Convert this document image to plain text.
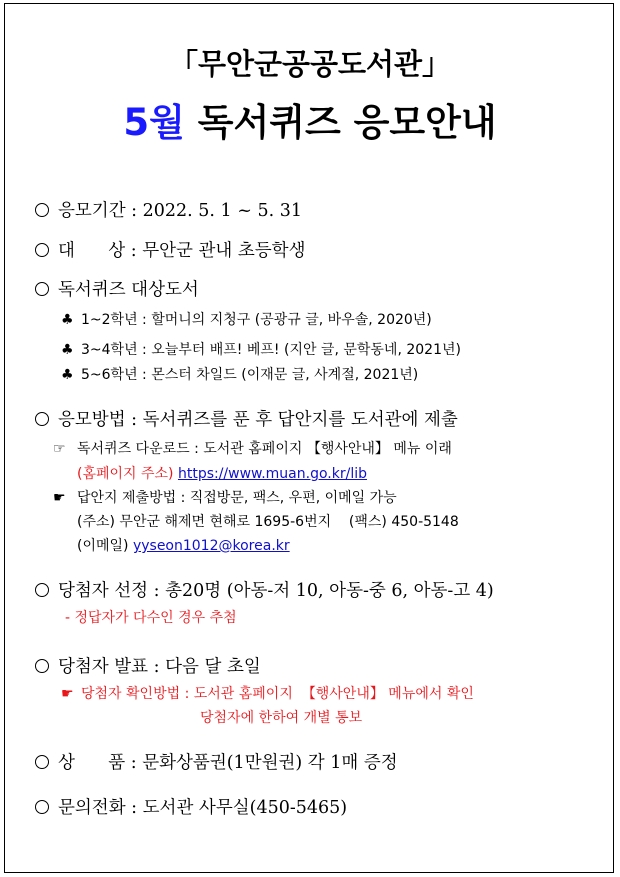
「무안군공공도서관」
5월 독서퀴즈 응모안내
응모기간 : 2022. 5. 1 ~ 5. 31
대      상 : 무안군 관내 초등학생
독서퀴즈 대상도서
♣ 1~2학년 : 할머니의 지청구 (공광규 글, 바우솔, 2020년)
♣ 3~4학년 : 오늘부터 배프! 베프! (지안 글, 문학동네, 2021년)
♣ 5~6학년 : 몬스터 차일드 (이재문 글, 사계절, 2021년)
응모방법 : 독서퀴즈를 푼 후 답안지를 도서관에 제출
☞ 독서퀴즈 다운로드 : 도서관 홈페이지 【행사안내】 메뉴 이래
(홈페이지 주소) https://www.muan.go.kr/lib
☛ 답안지 제출방법 : 직접방문, 팩스, 우편, 이메일 가능
(주소) 무안군 해제면 현해로 1695-6번지    (팩스) 450-5148
(이메일) yyseon1012@korea.kr
당첨자 선정 : 총20명 (아동-저 10, 아동-중 6, 아동-고 4)
- 정답자가 다수인 경우 추첨
당첨자 발표 : 다음 달 초일
☛ 당첨자 확인방법 : 도서관 홈페이지  【행사안내】 메뉴에서 확인
당첨자에 한하여 개별 통보
상      품 : 문화상품권(1만원권) 각 1매 증정
문의전화 : 도서관 사무실(450-5465)
